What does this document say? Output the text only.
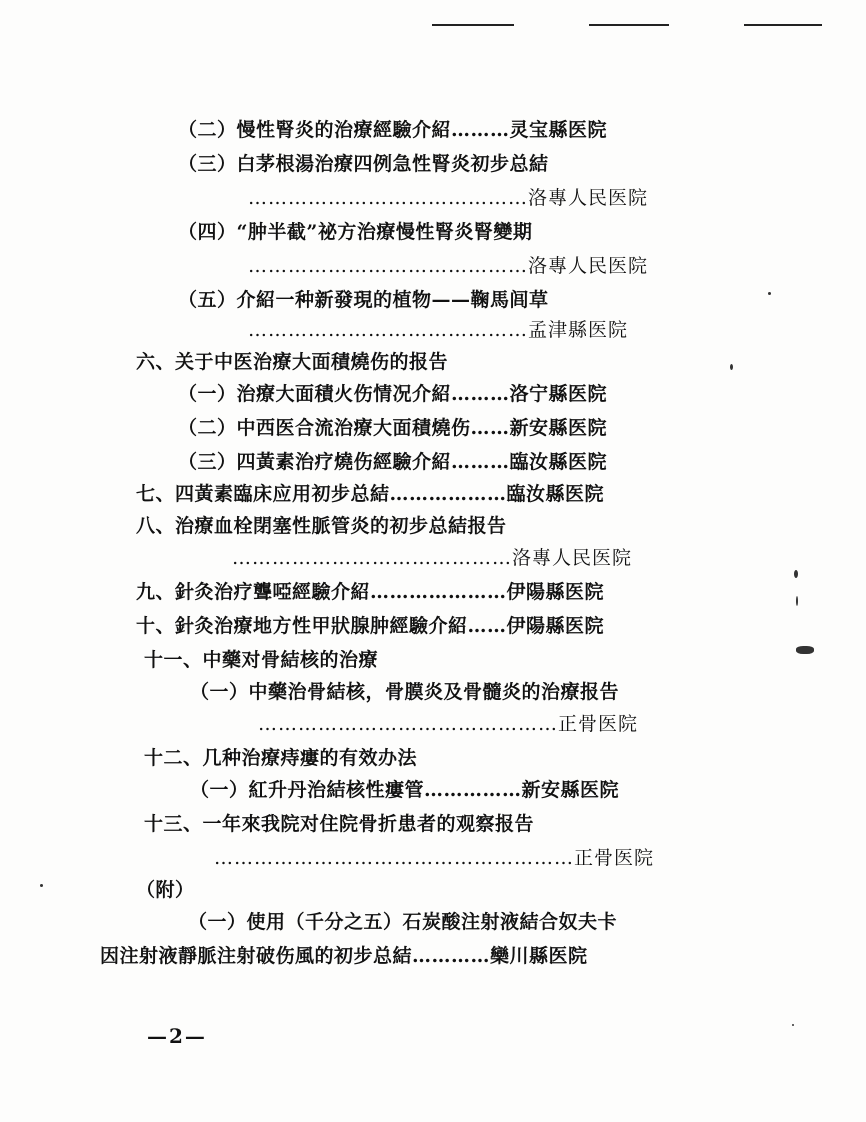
（二）慢性腎炎的治療經驗介紹………灵宝縣医院
（三）白茅根湯治療四例急性腎炎初步总結
……………………………………洛專人民医院
（四）“肿半截”祕方治療慢性腎炎腎變期
……………………………………洛專人民医院
（五）介紹一种新發現的植物——鞠馬闾草
……………………………………孟津縣医院
六、关于中医治療大面積燒伤的报告
（一）治療大面積火伤情况介紹………洛宁縣医院
（二）中西医合流治療大面積燒伤……新安縣医院
（三）四黃素治疗燒伤經驗介紹………臨汝縣医院
七、四黃素臨床应用初步总結………………臨汝縣医院
八、治療血栓閉塞性脈管炎的初步总結报告
……………………………………洛專人民医院
九、針灸治疗聾啞經驗介紹…………………伊陽縣医院
十、針灸治療地方性甲狀腺肿經驗介紹……伊陽縣医院
十一、中藥对骨結核的治療
（一）中藥治骨結核，骨膜炎及骨髓炎的治療报告
………………………………………正骨医院
十二、几种治療痔瘻的有效办法
（一）紅升丹治結核性瘻管……………新安縣医院
十三、一年來我院对住院骨折患者的观察报告
………………………………………………正骨医院
（附）
（一）使用（千分之五）石炭酸注射液結合奴夫卡
因注射液靜脈注射破伤風的初步总結…………欒川縣医院
—2—
